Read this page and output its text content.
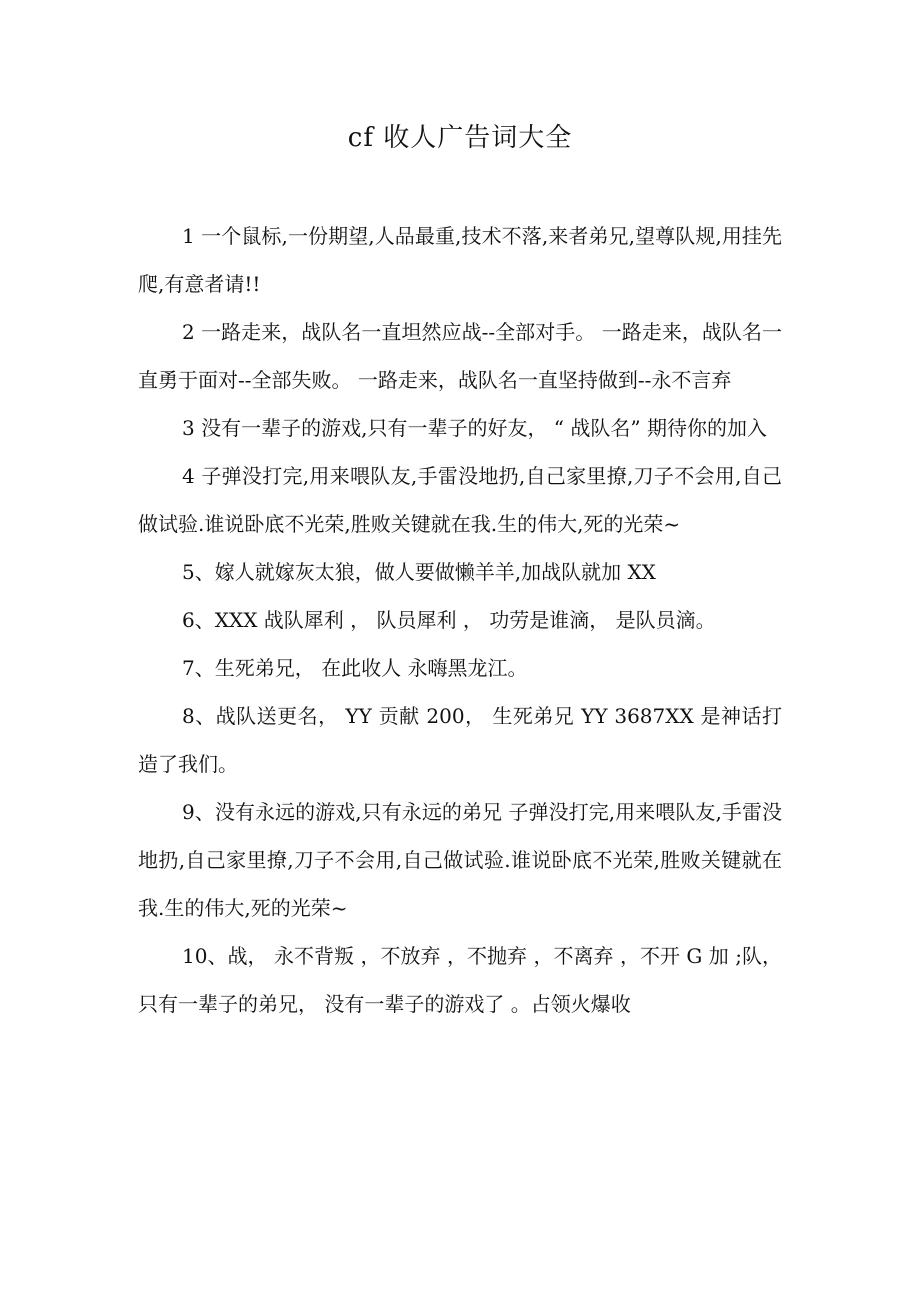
cf 收人广告词大全

1 一个鼠标,一份期望,人品最重,技术不落,来者弟兄,望尊队规,用挂先爬,有意者请!!

2 一路走来，战队名一直坦然应战--全部对手。 一路走来，战队名一直勇于面对--全部失败。 一路走来，战队名一直坚持做到--永不言弃

3 没有一辈子的游戏,只有一辈子的好友， “ 战队名” 期待你的加入

4 子弹没打完,用来喂队友,手雷没地扔,自己家里撩,刀子不会用,自己做试验.谁说卧底不光荣,胜败关键就在我.生的伟大,死的光荣~

5、嫁人就嫁灰太狼，做人要做懒羊羊,加战队就加 XX

6、XXX 战队犀利 ， 队员犀利 ， 功劳是谁滴， 是队员滴。

7、生死弟兄， 在此收人 永嗨黑龙江。

8、战队送更名， YY 贡献 200， 生死弟兄 YY 3687XX 是神话打造了我们。

9、没有永远的游戏,只有永远的弟兄 子弹没打完,用来喂队友,手雷没地扔,自己家里撩,刀子不会用,自己做试验.谁说卧底不光荣,胜败关键就在我.生的伟大,死的光荣~

10、战， 永不背叛 ，不放弃 ，不抛弃 ，不离弃 ，不开 G 加 ;队， 只有一辈子的弟兄， 没有一辈子的游戏了 。占领火爆收
